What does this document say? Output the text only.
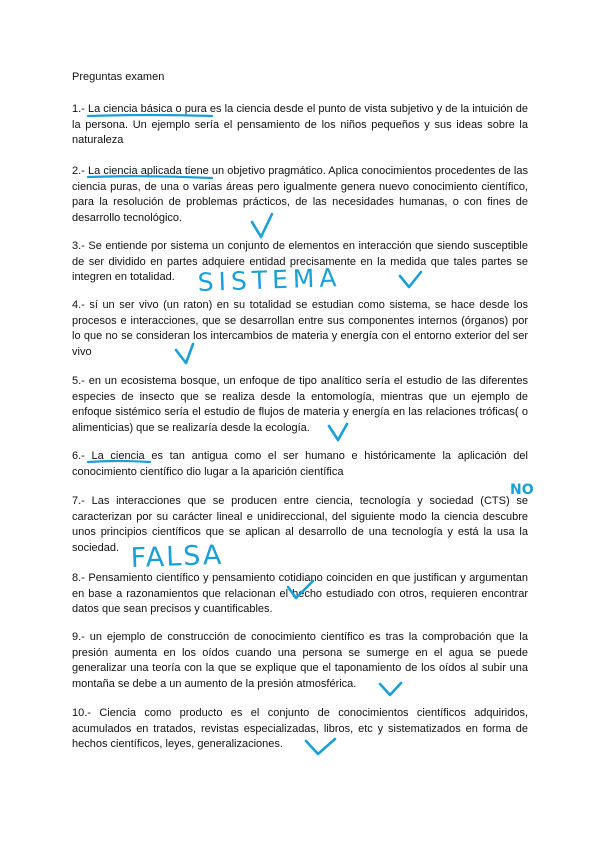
Preguntas examen

1.- La ciencia básica o pura es la ciencia desde el punto de vista subjetivo y de la intuición de la persona. Un ejemplo sería el pensamiento de los niños pequeños y sus ideas sobre la naturaleza

2.- La ciencia aplicada tiene un objetivo pragmático. Aplica conocimientos procedentes de las ciencia puras, de una o varias áreas pero igualmente genera nuevo conocimiento científico, para la resolución de problemas prácticos, de las necesidades humanas, o con fines de desarrollo tecnológico.

3.- Se entiende por sistema un conjunto de elementos en interacción que siendo susceptible de ser dividido en partes adquiere entidad precisamente en la medida que tales partes se integren en totalidad.

4.- sí un ser vivo (un raton) en su totalidad se estudian como sistema, se hace desde los procesos e interacciones, que se desarrollan entre sus componentes internos (órganos) por lo que no se consideran los intercambios de materia y energía con el entorno exterior del ser vivo

5.- en un ecosistema bosque, un enfoque de tipo analítico sería el estudio de las diferentes especies de insecto que se realiza desde la entomología, mientras que un ejemplo de enfoque sistémico sería el estudio de flujos de materia y energía en las relaciones tróficas( o alimenticias) que se realizaría desde la ecología.

6.- La ciencia es tan antigua como el ser humano e históricamente la aplicación del conocimiento científico dio lugar a la aparición científica

7.- Las interacciones que se producen entre ciencia, tecnología y sociedad (CTS) se caracterizan por su carácter lineal e unidireccional, del siguiente modo la ciencia descubre unos principios científicos que se aplican al desarrollo de una tecnología y está la usa la sociedad.

8.- Pensamiento científico y pensamiento cotidiano coinciden en que justifican y argumentan en base a razonamientos que relacionan el hecho estudiado con otros, requieren encontrar datos que sean precisos y cuantificables.

9.- un ejemplo de construcción de conocimiento científico es tras la comprobación que la presión aumenta en los oídos cuando una persona se sumerge en el agua se puede generalizar una teoría con la que se explique que el taponamiento de los oídos al subir una montaña se debe a un aumento de la presión atmosférica.

10.- Ciencia como producto es el conjunto de conocimientos científicos adquiridos, acumulados en tratados, revistas especializadas, libros, etc y sistematizados en forma de hechos científicos, leyes, generalizaciones.

SISTEMA
FALSA
NO
